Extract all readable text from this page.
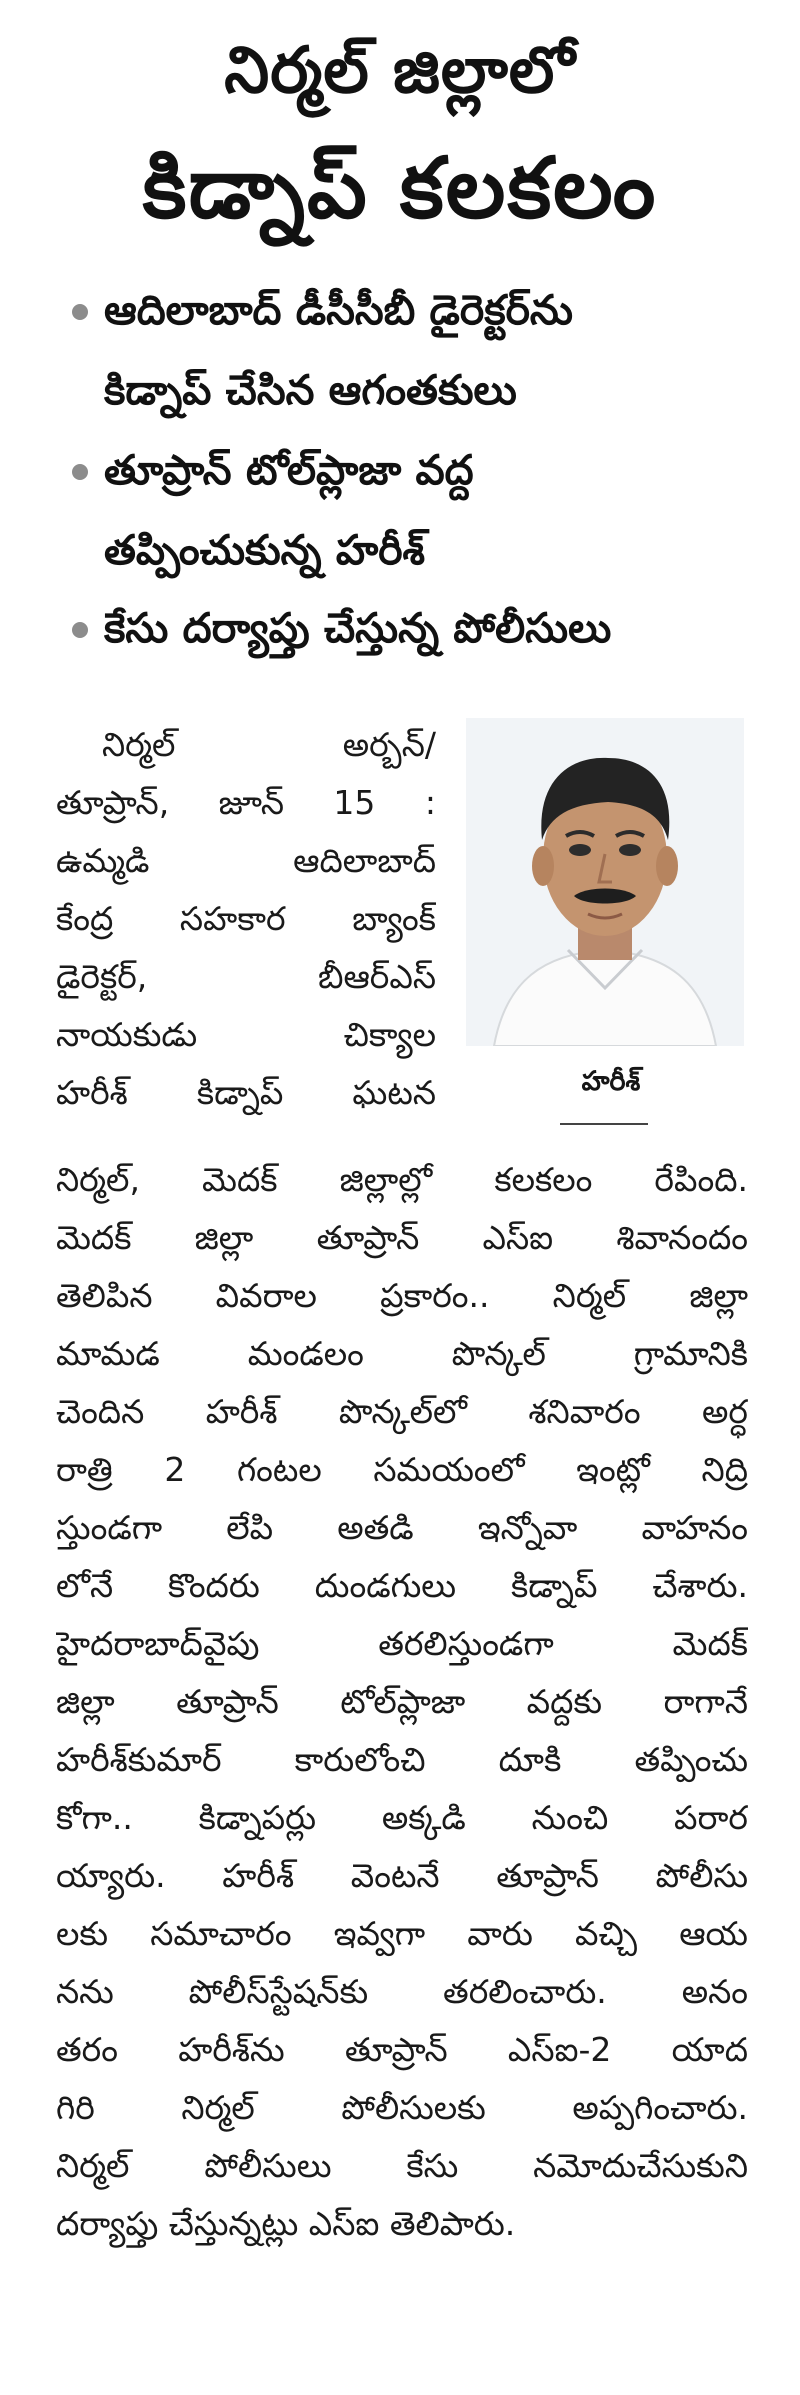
నిర్మల్ జిల్లాలో
కిడ్నాప్ కలకలం
ఆదిలాబాద్ డీసీసీబీ డైరెక్టర్‌ను
కిడ్నాప్ చేసిన ఆగంతకులు
తూప్రాన్ టోల్‌ప్లాజా వద్ద
తప్పించుకున్న హరీశ్
కేసు దర్యాప్తు చేస్తున్న పోలీసులు
హరీశ్
నిర్మల్ అర్బన్/
తూప్రాన్, జూన్ 15 :
ఉమ్మడి ఆదిలాబాద్
కేంద్ర సహకార బ్యాంక్
డైరెక్టర్, బీఆర్‌ఎస్
నాయకుడు చిక్యాల
హరీశ్ కిడ్నాప్ ఘటన
నిర్మల్, మెదక్ జిల్లాల్లో కలకలం రేపింది.
మెదక్ జిల్లా తూప్రాన్ ఎస్ఐ శివానందం
తెలిపిన వివరాల ప్రకారం.. నిర్మల్ జిల్లా
మామడ మండలం పొన్కల్ గ్రామానికి
చెందిన హరీశ్ పొన్కల్‌లో శనివారం అర్ధ
రాత్రి 2 గంటల సమయంలో ఇంట్లో నిద్రి
స్తుండగా లేపి అతడి ఇన్నోవా వాహనం
లోనే కొందరు దుండగులు కిడ్నాప్ చేశారు.
హైదరాబాద్‌వైపు తరలిస్తుండగా మెదక్
జిల్లా తూప్రాన్ టోల్‌ప్లాజా వద్దకు రాగానే
హరీశ్‌కుమార్ కారులోంచి దూకి తప్పించు
కోగా.. కిడ్నాపర్లు అక్కడి నుంచి పరార
య్యారు. హరీశ్ వెంటనే తూప్రాన్ పోలీసు
లకు సమాచారం ఇవ్వగా వారు వచ్చి ఆయ
నను పోలీస్‌స్టేషన్‌కు తరలించారు. అనం
తరం హరీశ్‌ను తూప్రాన్ ఎస్ఐ-2 యాద
గిరి నిర్మల్ పోలీసులకు అప్పగించారు.
నిర్మల్ పోలీసులు కేసు నమోదుచేసుకుని
దర్యాప్తు చేస్తున్నట్లు ఎస్ఐ తెలిపారు.
